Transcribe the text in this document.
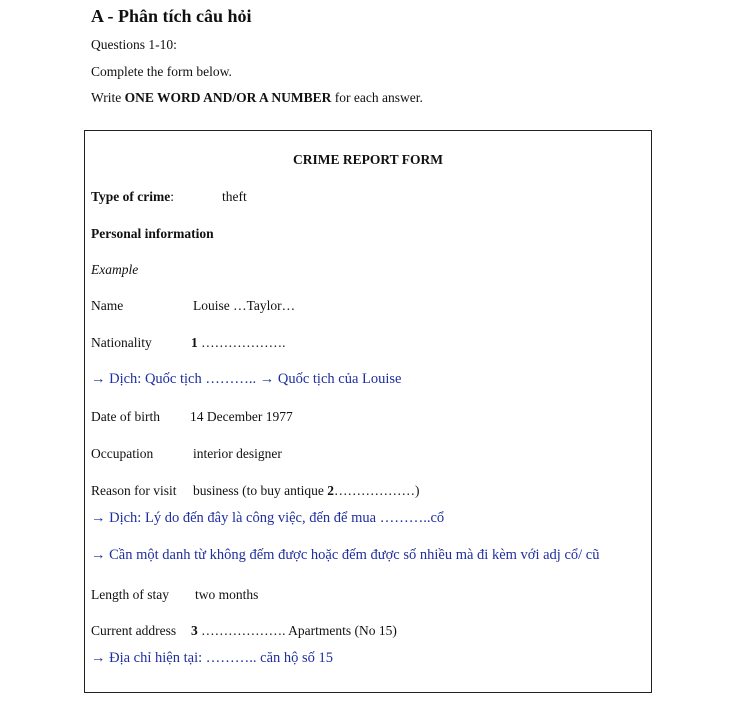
A - Phân tích câu hỏi
Questions 1-10:
Complete the form below.
Write ONE WORD AND/OR A NUMBER for each answer.
CRIME REPORT FORM
Type of crime:	theft
Personal information
Example
Name	Louise …Taylor…
Nationality	1 ……………….
→ Dịch: Quốc tịch ……….. → Quốc tịch của Louise
Date of birth 14 December 1977
Occupation	interior designer
Reason for visit business (to buy antique 2………………)
→ Dịch: Lý do đến đây là công việc, đến để mua ………..cổ
→ Cần một danh từ không đếm được hoặc đếm được số nhiều mà đi kèm với adj cổ/ cũ
Length of stay two months
Current address 3 ………………. Apartments (No 15)
→ Địa chỉ hiện tại: ……….. căn hộ số 15
